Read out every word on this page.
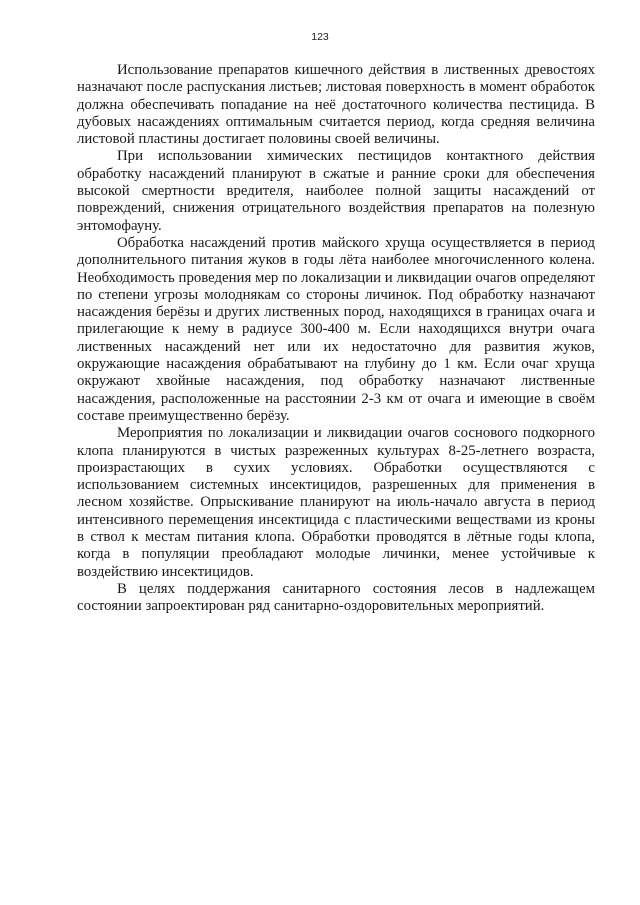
123

Использование препаратов кишечного действия в лиственных древостоях назначают после распускания листьев; листовая поверхность в момент обработок должна обеспечивать попадание на неё достаточного количества пестицида. В дубовых насаждениях оптимальным считается период, когда средняя величина листовой пластины достигает половины своей величины.

При использовании химических пестицидов контактного действия обработку насаждений планируют в сжатые и ранние сроки для обеспечения высокой смертности вредителя, наиболее полной защиты насаждений от повреждений, снижения отрицательного воздействия препаратов на полезную энтомофауну.

Обработка насаждений против майского хруща осуществляется в период дополнительного питания жуков в годы лёта наиболее многочисленного колена. Необходимость проведения мер по локализации и ликвидации очагов определяют по степени угрозы молоднякам со стороны личинок. Под обработку назначают насаждения берёзы и других лиственных пород, находящихся в границах очага и прилегающие к нему в радиусе 300-400 м. Если находящихся внутри очага лиственных насаждений нет или их недостаточно для развития жуков, окружающие насаждения обрабатывают на глубину до 1 км. Если очаг хруща окружают хвойные насаждения, под обработку назначают лиственные насаждения, расположенные на расстоянии 2-3 км от очага и имеющие в своём составе преимущественно берёзу.

Мероприятия по локализации и ликвидации очагов соснового подкорного клопа планируются в чистых разреженных культурах 8-25-летнего возраста, произрастающих в сухих условиях. Обработки осуществляются с использованием системных инсектицидов, разрешенных для применения в лесном хозяйстве. Опрыскивание планируют на июль-начало августа в период интенсивного перемещения инсектицида с пластическими веществами из кроны в ствол к местам питания клопа. Обработки проводятся в лётные годы клопа, когда в популяции преобладают молодые личинки, менее устойчивые к воздействию инсектицидов.

В целях поддержания санитарного состояния лесов в надлежащем состоянии запроектирован ряд санитарно-оздоровительных мероприятий.
